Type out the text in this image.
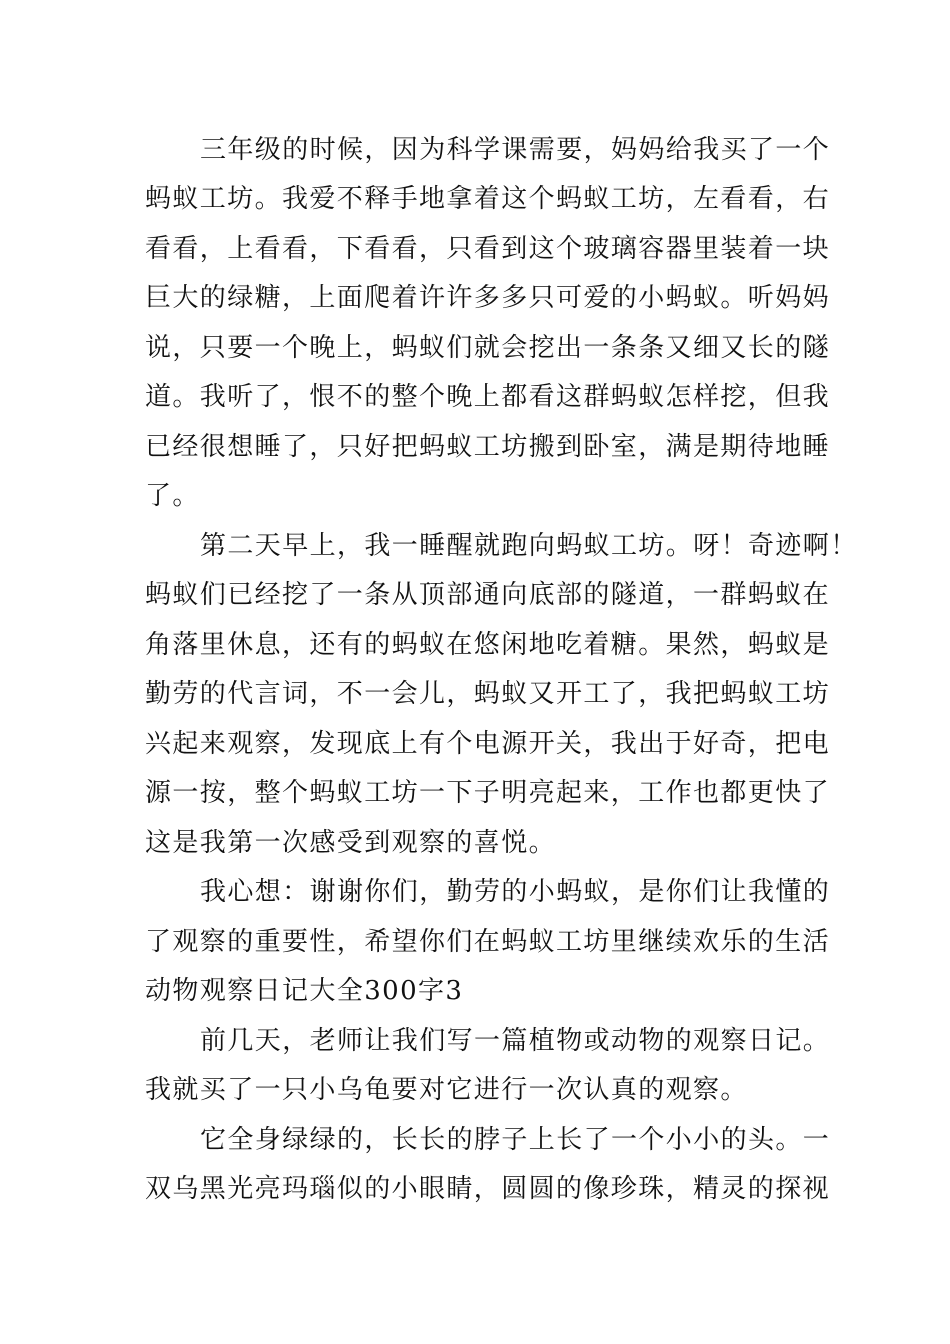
三年级的时候，因为科学课需要，妈妈给我买了一个
蚂蚁工坊。我爱不释手地拿着这个蚂蚁工坊，左看看，右
看看，上看看，下看看，只看到这个玻璃容器里装着一块
巨大的绿糖，上面爬着许许多多只可爱的小蚂蚁。听妈妈
说，只要一个晚上，蚂蚁们就会挖出一条条又细又长的隧
道。我听了，恨不的整个晚上都看这群蚂蚁怎样挖，但我
已经很想睡了，只好把蚂蚁工坊搬到卧室，满是期待地睡
了。
第二天早上，我一睡醒就跑向蚂蚁工坊。呀！奇迹啊！
蚂蚁们已经挖了一条从顶部通向底部的隧道，一群蚂蚁在
角落里休息，还有的蚂蚁在悠闲地吃着糖。果然，蚂蚁是
勤劳的代言词，不一会儿，蚂蚁又开工了，我把蚂蚁工坊
兴起来观察，发现底上有个电源开关，我出于好奇，把电
源一按，整个蚂蚁工坊一下子明亮起来，工作也都更快了
这是我第一次感受到观察的喜悦。
我心想：谢谢你们，勤劳的小蚂蚁，是你们让我懂的
了观察的重要性，希望你们在蚂蚁工坊里继续欢乐的生活
动物观察日记大全300字3
前几天，老师让我们写一篇植物或动物的观察日记。
我就买了一只小乌龟要对它进行一次认真的观察。
它全身绿绿的，长长的脖子上长了一个小小的头。一
双乌黑光亮玛瑙似的小眼睛，圆圆的像珍珠，精灵的探视
